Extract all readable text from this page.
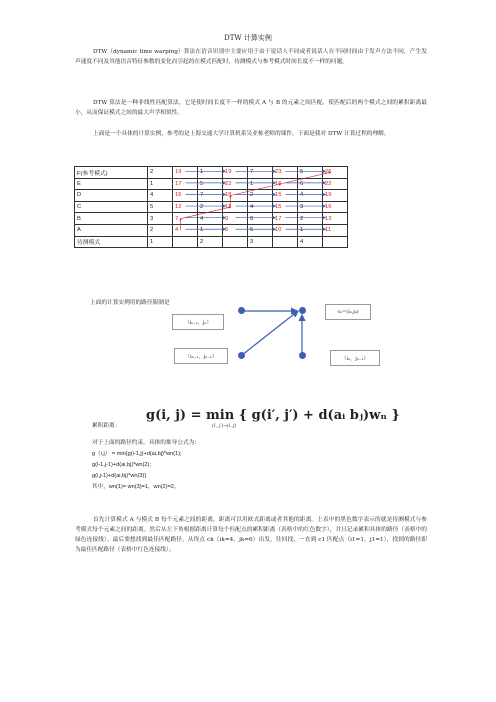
DTW 计算实例
DTW（dynamic time warping）算法在语音识别中主要应用于由于说话人不同或者说话人在不同时间由于发声方法不同，产生发声速度不同及其他语音特征参数的变化而引起的在模式匹配时，待测模式与参考模式时间长度不一样的问题。
DTW 算法是一种非线性匹配算法，它是使时间长度不一样的模式 A 与 B 的元素之间匹配，使匹配后的两个模式之间的累积距离最小，从而保证模式之间的最大声学相似性。
上面是一个具体的计算实例，参考的是上海交通大学计算机系吴亚栋老师的课件。下面是我对 DTW 计算过程的理解。
F(参考模式)	2	19	1	19	7	23	5	26
E	1	17	5	22	1	16	6	22
D	4	16	7	18	2	15	4	19
C	5	12	2	11	4	15	3	16
B	3	7	4	9	8	17	2	13
A	2	4	1	5	5	10	1	11
待测模式	1		2		3		4	
上面的计算实例用的路径限制是
（iₙ₋₁，jₙ）
（iₙ₋₁，jₙ₋₁）	（iₙ，jₙ₋₁）
cₖ=(iₖ,jₖ)
累积距离：
g(i, j) = min { g(i′, j′) + d(aᵢ bⱼ)wₙ }
(i′, j′)→(i, j)
对于上面的路径约束，具体的推导公式为：
g（i,j） = min{g(i-1,j)+d(ai,bj)*wn(1);
g(i-1,j-1)+d(ai,bj)*wn(2);
g(i,j-1)+d(ai,bj)*wn(3)}
其中，wn(1)= wn(3)=1，wn(2)=2。
首先计算模式 A 与模式 B 每个元素之间的距离，距离可以用欧式距离或者其他的距离。上表中的黑色数字表示的就是待测模式与参考模式每个元素之间的距离。然后从左下角根据距离计算每个匹配点的累积距离（表格中的红色数字），并且记录累积具体的路径（表格中的绿色连接线）。最后要想找到最佳匹配路径，从终点 ck（ik=4，jk=6）出发，往回找，一直到 c1 匹配点（i1=1，j1=1），找到的路径即为最佳匹配路径（表格中红色连接线）。
